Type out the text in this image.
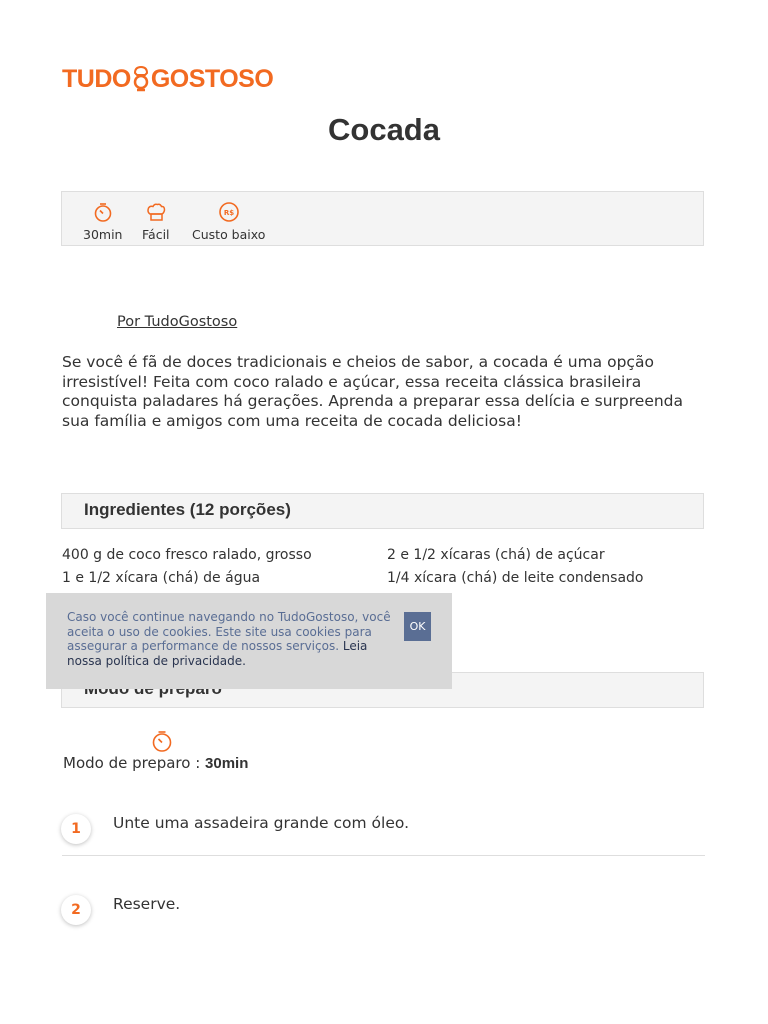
TUDO GOSTOSO
Cocada
30min Fácil
R$
Custo baixo
Por TudoGostoso

Se você é fã de doces tradicionais e cheios de sabor, a cocada é uma opção irresistível! Feita com coco ralado e açúcar, essa receita clássica brasileira conquista paladares há gerações. Aprenda a preparar essa delícia e surpreenda sua família e amigos com uma receita de cocada deliciosa!

Ingredientes (12 porções)
400 g de coco fresco ralado, grosso	2 e 1/2 xícaras (chá) de açúcar
1 e 1/2 xícara (chá) de água	1/4 xícara (chá) de leite condensado

Caso você continue navegando no TudoGostoso, você aceita o uso de cookies. Este site usa cookies para assegurar a performance de nossos serviços. Leia nossa política de privacidade.

OK
Modo de preparo : 30min
1	Unte uma assadeira grande com óleo.
2	Reserve.
